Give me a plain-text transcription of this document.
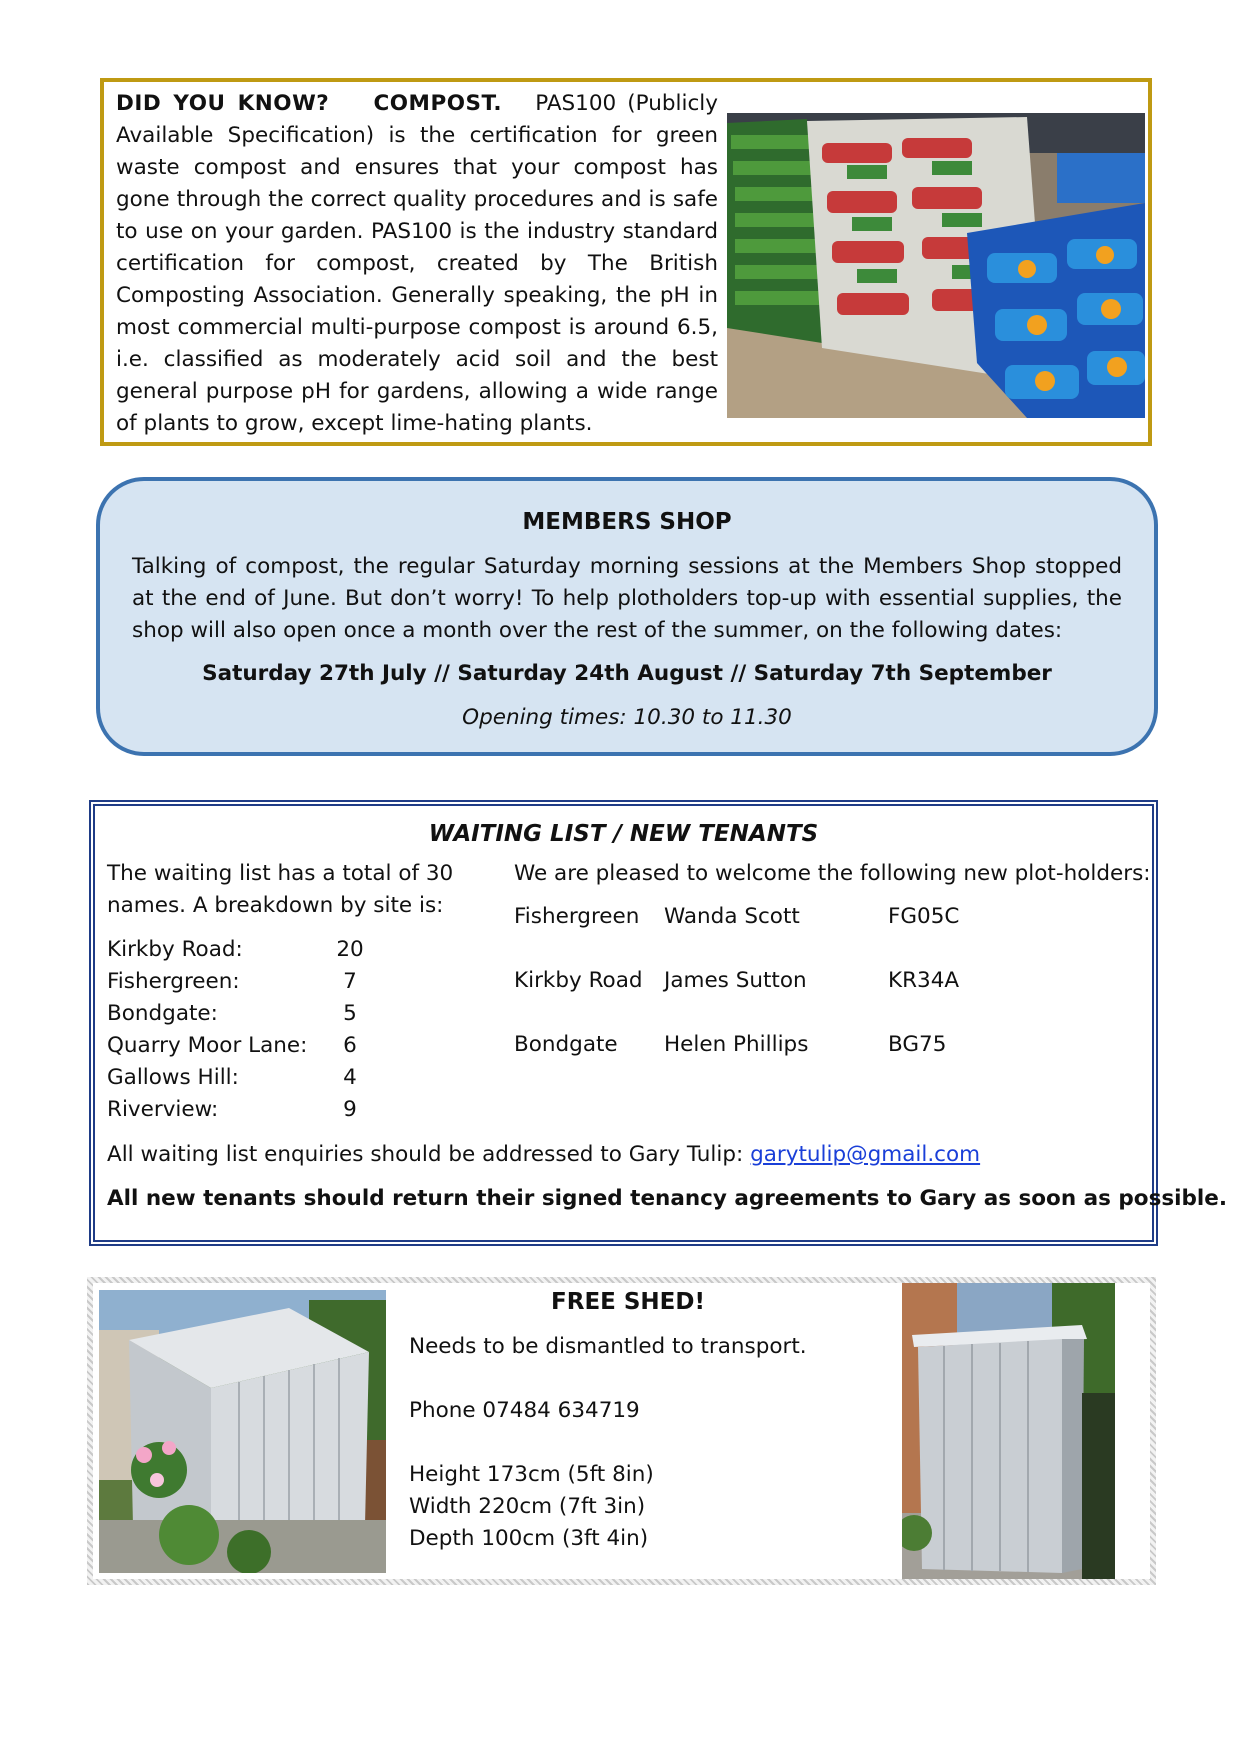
DID YOU KNOW? COMPOST. PAS100 (Publicly Available Specification) is the certification for green waste compost and ensures that your compost has gone through the correct quality procedures and is safe to use on your garden. PAS100 is the industry standard certification for compost, created by The British Composting Association. Generally speaking, the pH in most commercial multi-purpose compost is around 6.5, i.e. classified as moderately acid soil and the best general purpose pH for gardens, allowing a wide range of plants to grow, except lime-hating plants.
MEMBERS SHOP
Talking of compost, the regular Saturday morning sessions at the Members Shop stopped at the end of June. But don’t worry! To help plotholders top-up with essential supplies, the shop will also open once a month over the rest of the summer, on the following dates:
Saturday 27th July // Saturday 24th August // Saturday 7th September
Opening times: 10.30 to 11.30
WAITING LIST / NEW TENANTS
The waiting list has a total of 30 names. A breakdown by site is:
Kirkby Road:	20
Fishergreen:	7
Bondgate:	5
Quarry Moor Lane:	6
Gallows Hill:	4
Riverview:	9
We are pleased to welcome the following new plot-holders:
Fishergreen	Wanda Scott	FG05C
Kirkby Road James Sutton	KR34A
Bondgate	Helen Phillips	BG75
All waiting list enquiries should be addressed to Gary Tulip: garytulip@gmail.com
All new tenants should return their signed tenancy agreements to Gary as soon as possible.
FREE SHED!
Needs to be dismantled to transport.
Phone 07484 634719
Height 173cm (5ft 8in)
Width 220cm (7ft 3in)
Depth 100cm (3ft 4in)
